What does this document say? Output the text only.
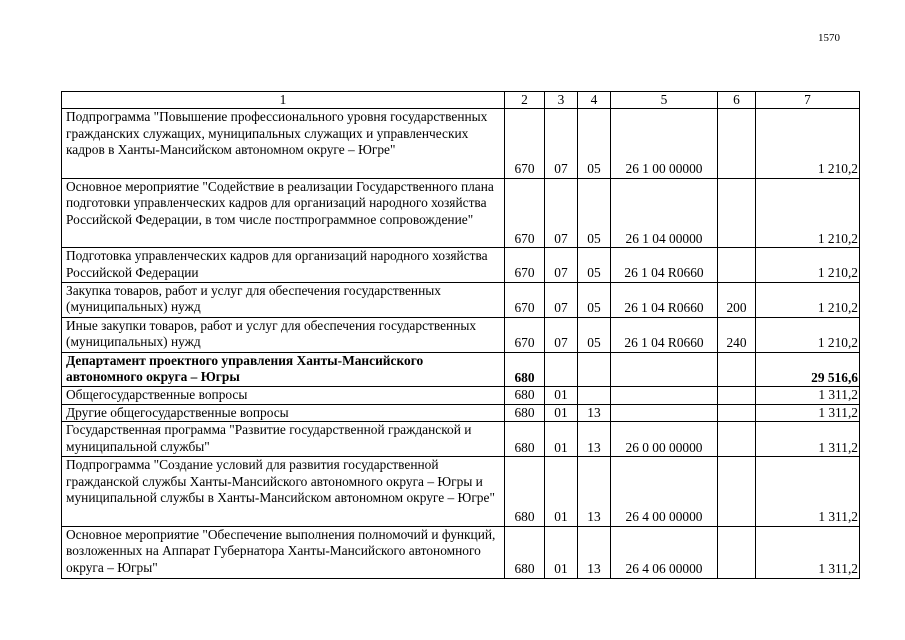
1570
1	2	3	4	5	6	7
Подпрограмма "Повышение профессионального уровня государственных гражданских служащих, муниципальных служащих и управленческих кадров в Ханты-Мансийском автономном округе – Югре"	670	07	05	26 1 00 00000		1 210,2
Основное мероприятие "Содействие в реализации Государственного плана подготовки управленческих кадров для организаций народного хозяйства Российской Федерации, в том числе постпрограммное сопровождение"	670	07	05	26 1 04 00000		1 210,2
Подготовка управленческих кадров для организаций народного хозяйства Российской Федерации	670	07	05	26 1 04 R0660		1 210,2
Закупка товаров, работ и услуг для обеспечения государственных (муниципальных) нужд	670	07	05	26 1 04 R0660	200	1 210,2
Иные закупки товаров, работ и услуг для обеспечения государственных (муниципальных) нужд	670	07	05	26 1 04 R0660	240	1 210,2
Департамент проектного управления Ханты-Мансийского автономного округа – Югры	680					29 516,6
Общегосударственные вопросы	680	01				1 311,2
Другие общегосударственные вопросы	680	01	13			1 311,2
Государственная программа "Развитие государственной гражданской и муниципальной службы"	680	01	13	26 0 00 00000		1 311,2
Подпрограмма "Создание условий для развития государственной гражданской службы Ханты-Мансийского автономного округа – Югры и муниципальной службы в Ханты-Мансийском автономном округе – Югре"	680	01	13	26 4 00 00000		1 311,2
Основное мероприятие "Обеспечение выполнения полномочий и функций, возложенных на Аппарат Губернатора Ханты-Мансийского автономного округа – Югры"	680	01	13	26 4 06 00000		1 311,2
